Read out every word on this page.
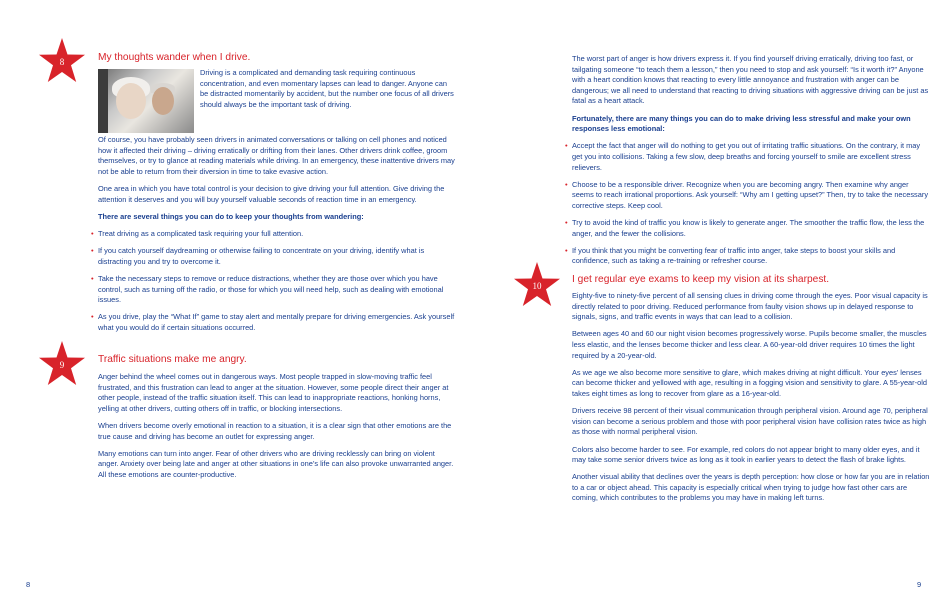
8	My thoughts wander when I drive.

Driving is a complicated and demanding task requiring continuous concentration, and even momentary lapses can lead to danger. Anyone can be distracted momentarily by accident, but the number one focus of all drivers should always be the important task of driving.

Of course, you have probably seen drivers in animated conversations or talking on cell phones and noticed how it affected their driving – driving erratically or drifting from their lanes. Other drivers drink coffee, groom themselves, or try to glance at reading materials while driving. In an emergency, these inattentive drivers may not be able to return from their diversion in time to take evasive action.

One area in which you have total control is your decision to give driving your full attention. Give driving the attention it deserves and you will buy yourself valuable seconds of reaction time in an emergency.

There are several things you can do to keep your thoughts from wandering:

• Treat driving as a complicated task requiring your full attention.
• If you catch yourself daydreaming or otherwise failing to concentrate on your driving, identify what is distracting you and try to overcome it.
• Take the necessary steps to remove or reduce distractions, whether they are those over which you have control, such as turning off the radio, or those for which you will need help, such as dealing with emotional issues.
• As you drive, play the “What If” game to stay alert and mentally prepare for driving emergencies. Ask yourself what you would do if certain situations occurred.
9	Traffic situations make me angry.

Anger behind the wheel comes out in dangerous ways. Most people trapped in slow-moving traffic feel frustrated, and this frustration can lead to anger at the situation. However, some people direct their anger at other people, instead of the traffic situation itself. This can lead to inappropriate reactions, honking horns, yelling at other drivers, cutting others off in traffic, or blocking intersections.

When drivers become overly emotional in reaction to a situation, it is a clear sign that other emotions are the true cause and driving has become an outlet for expressing anger.

Many emotions can turn into anger. Fear of other drivers who are driving recklessly can bring on violent anger. Anxiety over being late and anger at other situations in one’s life can also provoke unwarranted anger. All these emotions are counter-productive.

8

The worst part of anger is how drivers express it. If you find yourself driving erratically, driving too fast, or tailgating someone “to teach them a lesson,” then you need to stop and ask yourself: “Is it worth it?” Anyone with a heart condition knows that reacting to every little annoyance and frustration with anger can be dangerous; we all need to understand that reacting to driving situations with aggressive driving can be just as fatal as a heart attack.

Fortunately, there are many things you can do to make driving less stressful and make your own responses less emotional:

• Accept the fact that anger will do nothing to get you out of irritating traffic situations. On the contrary, it may get you into collisions. Taking a few slow, deep breaths and forcing yourself to smile are excellent stress relievers.
• Choose to be a responsible driver. Recognize when you are becoming angry. Then examine why anger seems to reach irrational proportions. Ask yourself: “Why am I getting upset?” Then, try to take the necessary corrective steps. Keep cool.
• Try to avoid the kind of traffic you know is likely to generate anger. The smoother the traffic flow, the less the anger, and the fewer the collisions.
• If you think that you might be converting fear of traffic into anger, take steps to boost your skills and confidence, such as taking a re-training or refresher course.
10
I get regular eye exams to keep my vision at its sharpest.

Eighty-five to ninety-five percent of all sensing clues in driving come through the eyes. Poor visual capacity is directly related to poor driving. Reduced performance from faulty vision shows up in delayed response to signals, signs, and traffic events in ways that can lead to a collision.

Between ages 40 and 60 our night vision becomes progressively worse. Pupils become smaller, the muscles less elastic, and the lenses become thicker and less clear. A 60-year-old driver requires 10 times the light required by a 20-year-old.

As we age we also become more sensitive to glare, which makes driving at night difficult. Your eyes’ lenses can become thicker and yellowed with age, resulting in a fogging vision and sensitivity to glare. A 55-year-old takes eight times as long to recover from glare as a 16-year-old.

Drivers receive 98 percent of their visual communication through peripheral vision. Around age 70, peripheral vision can become a serious problem and those with poor peripheral vision have collision rates twice as high as those with normal peripheral vision.

Colors also become harder to see. For example, red colors do not appear bright to many older eyes, and it may take some senior drivers twice as long as it took in earlier years to detect the flash of brake lights.

Another visual ability that declines over the years is depth perception: how close or how far you are in relation to a car or object ahead. This capacity is especially critical when trying to judge how fast other cars are coming, which contributes to the problems you may have in making left turns.

9
